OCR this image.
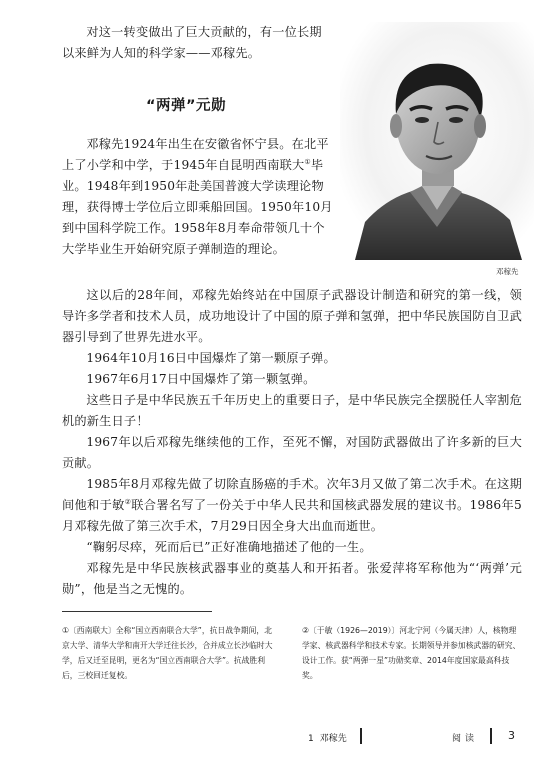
对这一转变做出了巨大贡献的，有一位长期以来鲜为人知的科学家——邓稼先。

“两弹”元勋

邓稼先1924年出生在安徽省怀宁县。在北平上了小学和中学，于1945年自昆明西南联大①毕业。1948年到1950年赴美国普渡大学读理论物理，获得博士学位后立即乘船回国。1950年10月到中国科学院工作。1958年8月奉命带领几十个大学毕业生开始研究原子弹制造的理论。

邓稼先

这以后的28年间，邓稼先始终站在中国原子武器设计制造和研究的第一线，领导许多学者和技术人员，成功地设计了中国的原子弹和氢弹，把中华民族国防自卫武器引导到了世界先进水平。

1964年10月16日中国爆炸了第一颗原子弹。

1967年6月17日中国爆炸了第一颗氢弹。

这些日子是中华民族五千年历史上的重要日子，是中华民族完全摆脱任人宰割危机的新生日子！

1967年以后邓稼先继续他的工作，至死不懈，对国防武器做出了许多新的巨大贡献。

1985年8月邓稼先做了切除直肠癌的手术。次年3月又做了第二次手术。在这期间他和于敏②联合署名写了一份关于中华人民共和国核武器发展的建议书。1986年5月邓稼先做了第三次手术，7月29日因全身大出血而逝世。

“鞠躬尽瘁，死而后已”正好准确地描述了他的一生。

邓稼先是中华民族核武器事业的奠基人和开拓者。张爱萍将军称他为“‘两弹’元勋”，他是当之无愧的。

①〔西南联大〕全称“国立西南联合大学”，抗日战争期间，北京大学、清华大学和南开大学迁往长沙，合并成立长沙临时大学，后又迁至昆明，更名为“国立西南联合大学”。抗战胜利后，三校回迁复校。
②〔于敏（1926—2019）〕河北宁河（今属天津）人，核物理学家、核武器科学和技术专家。长期领导并参加核武器的研究、设计工作。获“两弹一星”功勋奖章、2014年度国家最高科技奖。
1 邓稼先	阅读	3
